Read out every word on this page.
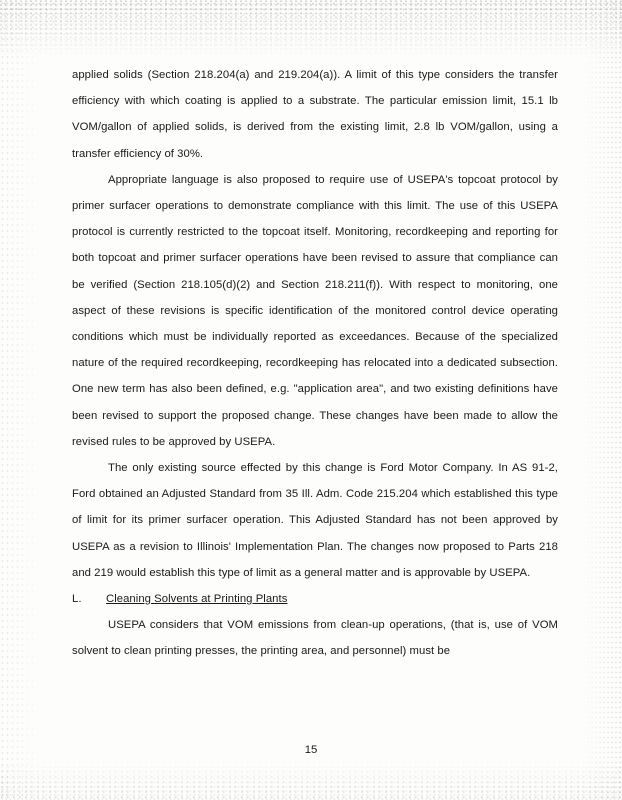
applied solids (Section 218.204(a) and 219.204(a)). A limit of this type considers the transfer efficiency with which coating is applied to a substrate. The particular emission limit, 15.1 lb VOM/gallon of applied solids, is derived from the existing limit, 2.8 lb VOM/gallon, using a transfer efficiency of 30%.

Appropriate language is also proposed to require use of USEPA's topcoat protocol by primer surfacer operations to demonstrate compliance with this limit. The use of this USEPA protocol is currently restricted to the topcoat itself. Monitoring, recordkeeping and reporting for both topcoat and primer surfacer operations have been revised to assure that compliance can be verified (Section 218.105(d)(2) and Section 218.211(f)). With respect to monitoring, one aspect of these revisions is specific identification of the monitored control device operating conditions which must be individually reported as exceedances. Because of the specialized nature of the required recordkeeping, recordkeeping has relocated into a dedicated subsection. One new term has also been defined, e.g. "application area", and two existing definitions have been revised to support the proposed change. These changes have been made to allow the revised rules to be approved by USEPA.

The only existing source effected by this change is Ford Motor Company. In AS 91-2, Ford obtained an Adjusted Standard from 35 Ill. Adm. Code 215.204 which established this type of limit for its primer surfacer operation. This Adjusted Standard has not been approved by USEPA as a revision to Illinois' Implementation Plan. The changes now proposed to Parts 218 and 219 would establish this type of limit as a general matter and is approvable by USEPA.

L.	Cleaning Solvents at Printing Plants

USEPA considers that VOM emissions from clean-up operations, (that is, use of VOM solvent to clean printing presses, the printing area, and personnel) must be

15
